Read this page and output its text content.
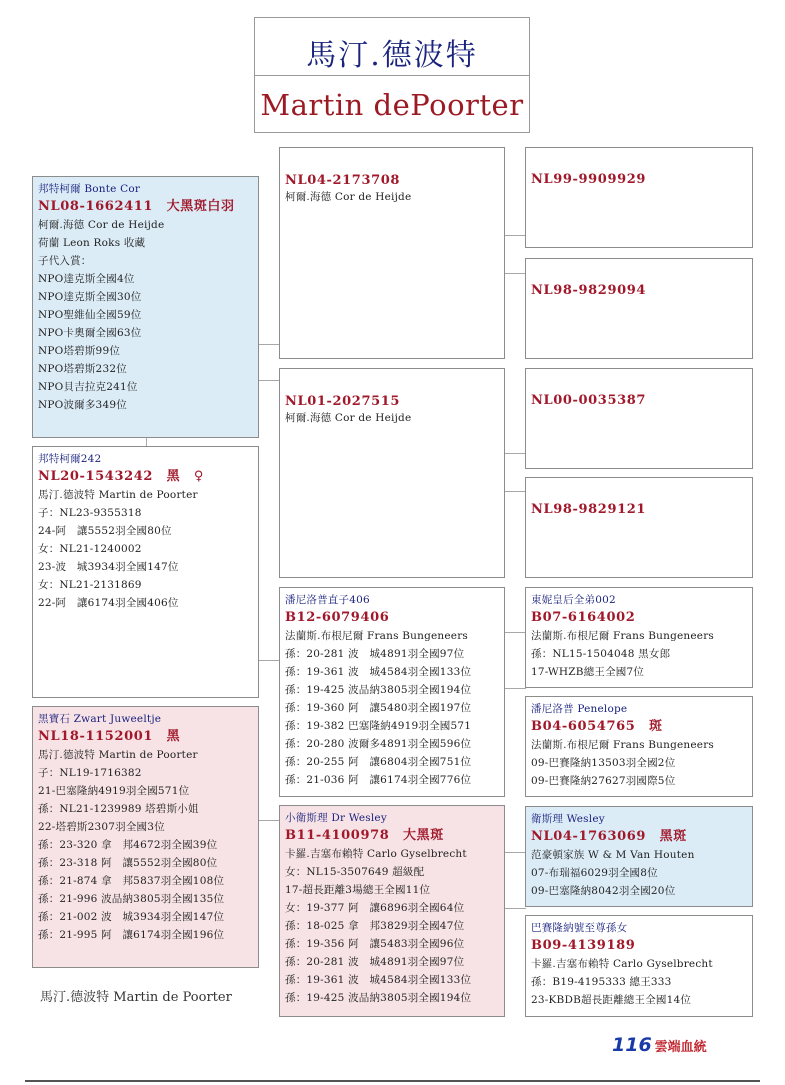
馬汀.德波特
Martin dePoorter
邦特柯爾 Bonte Cor
NL08-1662411　大黑斑白羽
柯爾.海德 Cor de Heijde
荷蘭 Leon Roks 收藏
子代入賞：
NPO達克斯全國4位
NPO達克斯全國30位
NPO聖維仙全國59位
NPO卡奧爾全國63位
NPO塔碧斯99位
NPO塔碧斯232位
NPO貝吉拉克241位
NPO波爾多349位
邦特柯爾242
NL20-1543242　黑　♀
馬汀.德波特 Martin de Poorter
子：NL23-9355318
24-阿　讓5552羽全國80位
女：NL21-1240002
23-波　城3934羽全國147位
女：NL21-2131869
22-阿　讓6174羽全國406位
黑寶石 Zwart Juweeltje
NL18-1152001　黑
馬汀.德波特 Martin de Poorter
子：NL19-1716382
21-巴塞隆納4919羽全國571位
孫：NL21-1239989 塔碧斯小姐
22-塔碧斯2307羽全國3位
孫：23-320 拿　邦4672羽全國39位
孫：23-318 阿　讓5552羽全國80位
孫：21-874 拿　邦5837羽全國108位
孫：21-996 波品納3805羽全國135位
孫：21-002 波　城3934羽全國147位
孫：21-995 阿　讓6174羽全國196位
NL04-2173708
柯爾.海德 Cor de Heijde
NL01-2027515
柯爾.海德 Cor de Heijde
潘尼洛普直子406
B12-6079406
法蘭斯.布根尼爾 Frans Bungeneers
孫：20-281 波　城4891羽全國97位
孫：19-361 波　城4584羽全國133位
孫：19-425 波品納3805羽全國194位
孫：19-360 阿　讓5480羽全國197位
孫：19-382 巴塞隆納4919羽全國571
孫：20-280 波爾多4891羽全國596位
孫：20-255 阿　讓6804羽全國751位
孫：21-036 阿　讓6174羽全國776位
小衛斯理 Dr Wesley
B11-4100978　大黑斑
卡羅.吉塞布賴特 Carlo Gyselbrecht
女：NL15-3507649 超級配
17-超長距離3場總王全國11位
女：19-377 阿　讓6896羽全國64位
孫：18-025 拿　邦3829羽全國47位
孫：19-356 阿　讓5483羽全國96位
孫：20-281 波　城4891羽全國97位
孫：19-361 波　城4584羽全國133位
孫：19-425 波品納3805羽全國194位
NL99-9909929
NL98-9829094
NL00-0035387
NL98-9829121
東妮皇后全弟002
B07-6164002
法蘭斯.布根尼爾 Frans Bungeneers
孫：NL15-1504048 黑女郎
17-WHZB總王全國7位
潘尼洛普 Penelope
B04-6054765　斑
法蘭斯.布根尼爾 Frans Bungeneers
09-巴賽隆納13503羽全國2位
09-巴賽隆納27627羽國際5位
衛斯理 Wesley
NL04-1763069　黑斑
范豪頓家族 W & M Van Houten
07-布瑞福6029羽全國8位
09-巴塞隆納8042羽全國20位
巴賽隆納號至尊孫女
B09-4139189
卡羅.吉塞布賴特 Carlo Gyselbrecht
孫：B19-4195333 總王333
23-KBDB超長距離總王全國14位
馬汀.德波特 Martin de Poorter
116 雲端血統
